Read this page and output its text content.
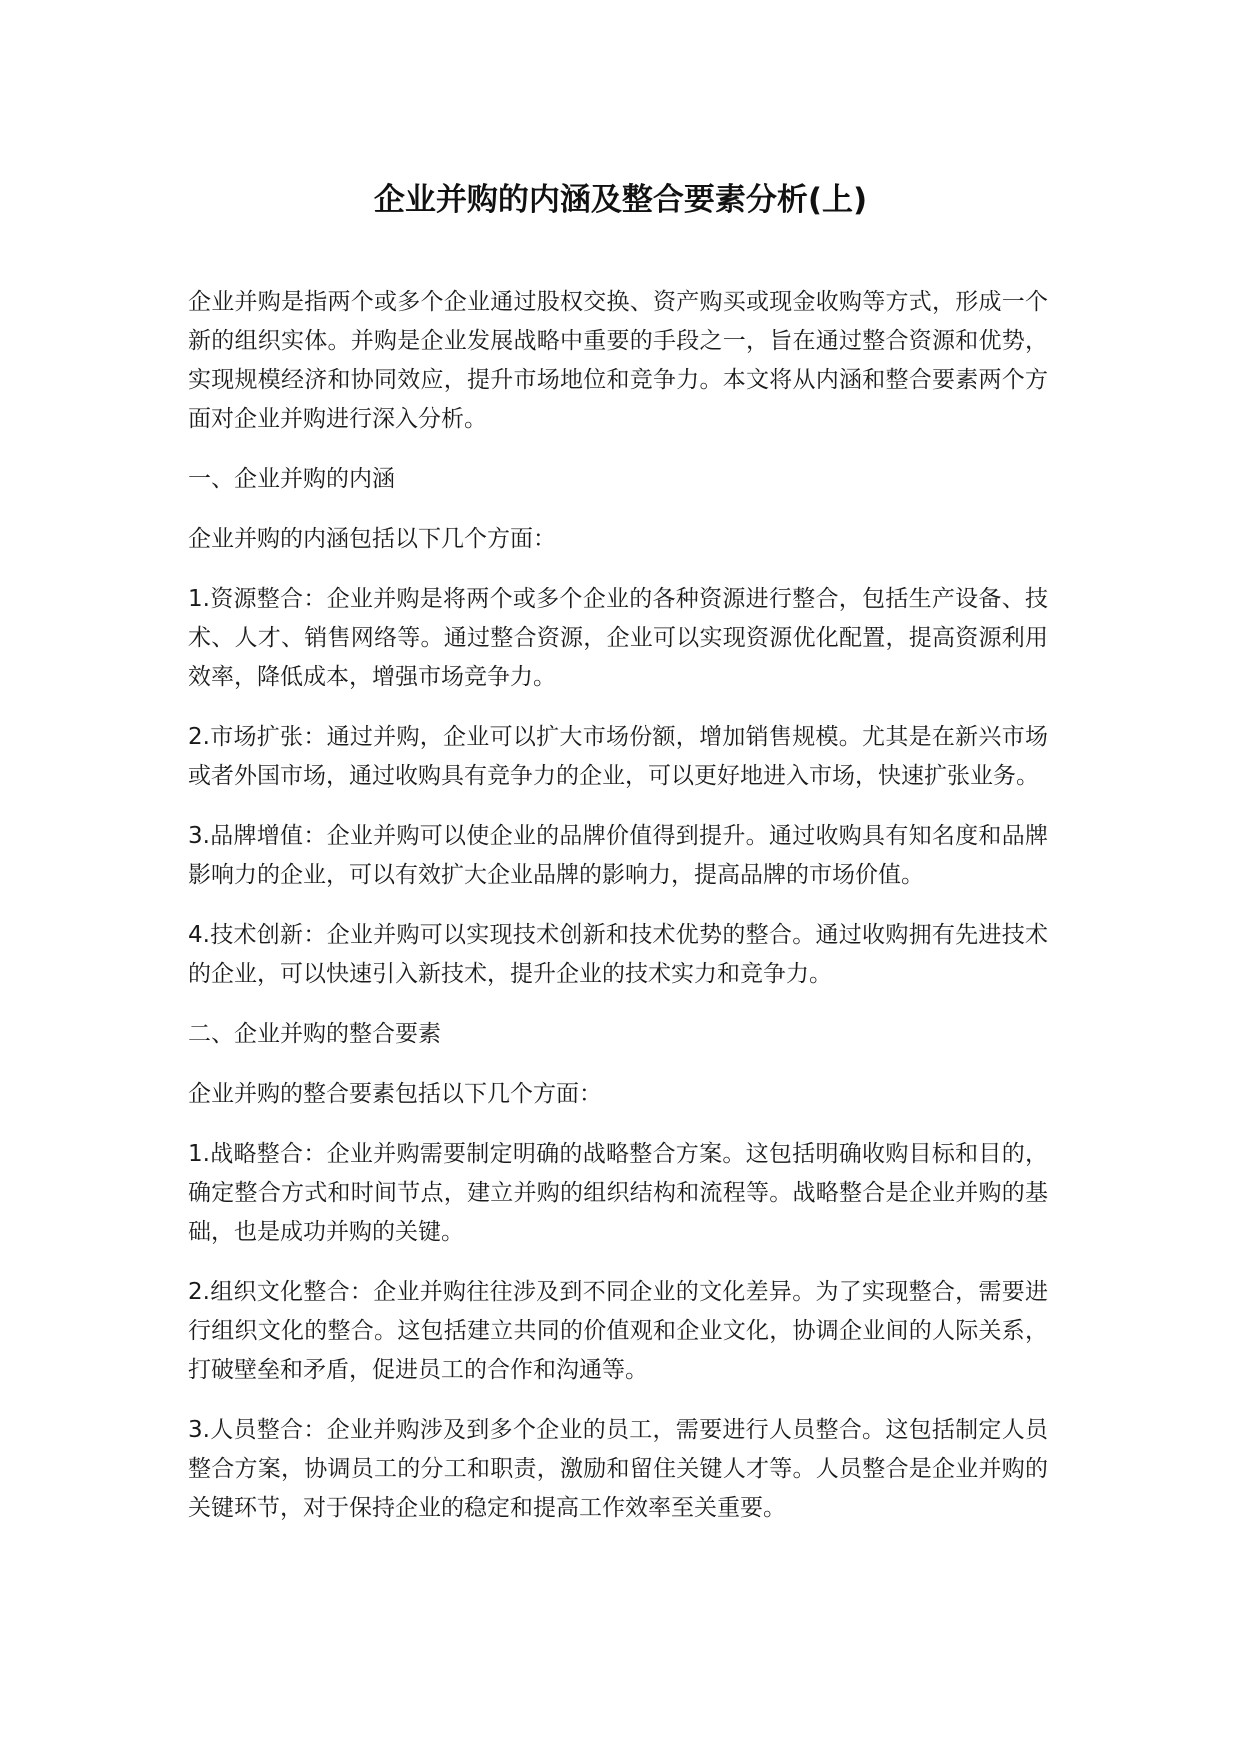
企业并购的内涵及整合要素分析(上)

企业并购是指两个或多个企业通过股权交换、资产购买或现金收购等方式，形成一个新的组织实体。并购是企业发展战略中重要的手段之一，旨在通过整合资源和优势，实现规模经济和协同效应，提升市场地位和竞争力。本文将从内涵和整合要素两个方面对企业并购进行深入分析。

一、企业并购的内涵

企业并购的内涵包括以下几个方面：

1.资源整合：企业并购是将两个或多个企业的各种资源进行整合，包括生产设备、技术、人才、销售网络等。通过整合资源，企业可以实现资源优化配置，提高资源利用效率，降低成本，增强市场竞争力。

2.市场扩张：通过并购，企业可以扩大市场份额，增加销售规模。尤其是在新兴市场或者外国市场，通过收购具有竞争力的企业，可以更好地进入市场，快速扩张业务。

3.品牌增值：企业并购可以使企业的品牌价值得到提升。通过收购具有知名度和品牌影响力的企业，可以有效扩大企业品牌的影响力，提高品牌的市场价值。

4.技术创新：企业并购可以实现技术创新和技术优势的整合。通过收购拥有先进技术的企业，可以快速引入新技术，提升企业的技术实力和竞争力。

二、企业并购的整合要素

企业并购的整合要素包括以下几个方面：

1.战略整合：企业并购需要制定明确的战略整合方案。这包括明确收购目标和目的，确定整合方式和时间节点，建立并购的组织结构和流程等。战略整合是企业并购的基础，也是成功并购的关键。

2.组织文化整合：企业并购往往涉及到不同企业的文化差异。为了实现整合，需要进行组织文化的整合。这包括建立共同的价值观和企业文化，协调企业间的人际关系，打破壁垒和矛盾，促进员工的合作和沟通等。

3.人员整合：企业并购涉及到多个企业的员工，需要进行人员整合。这包括制定人员整合方案，协调员工的分工和职责，激励和留住关键人才等。人员整合是企业并购的关键环节，对于保持企业的稳定和提高工作效率至关重要。
